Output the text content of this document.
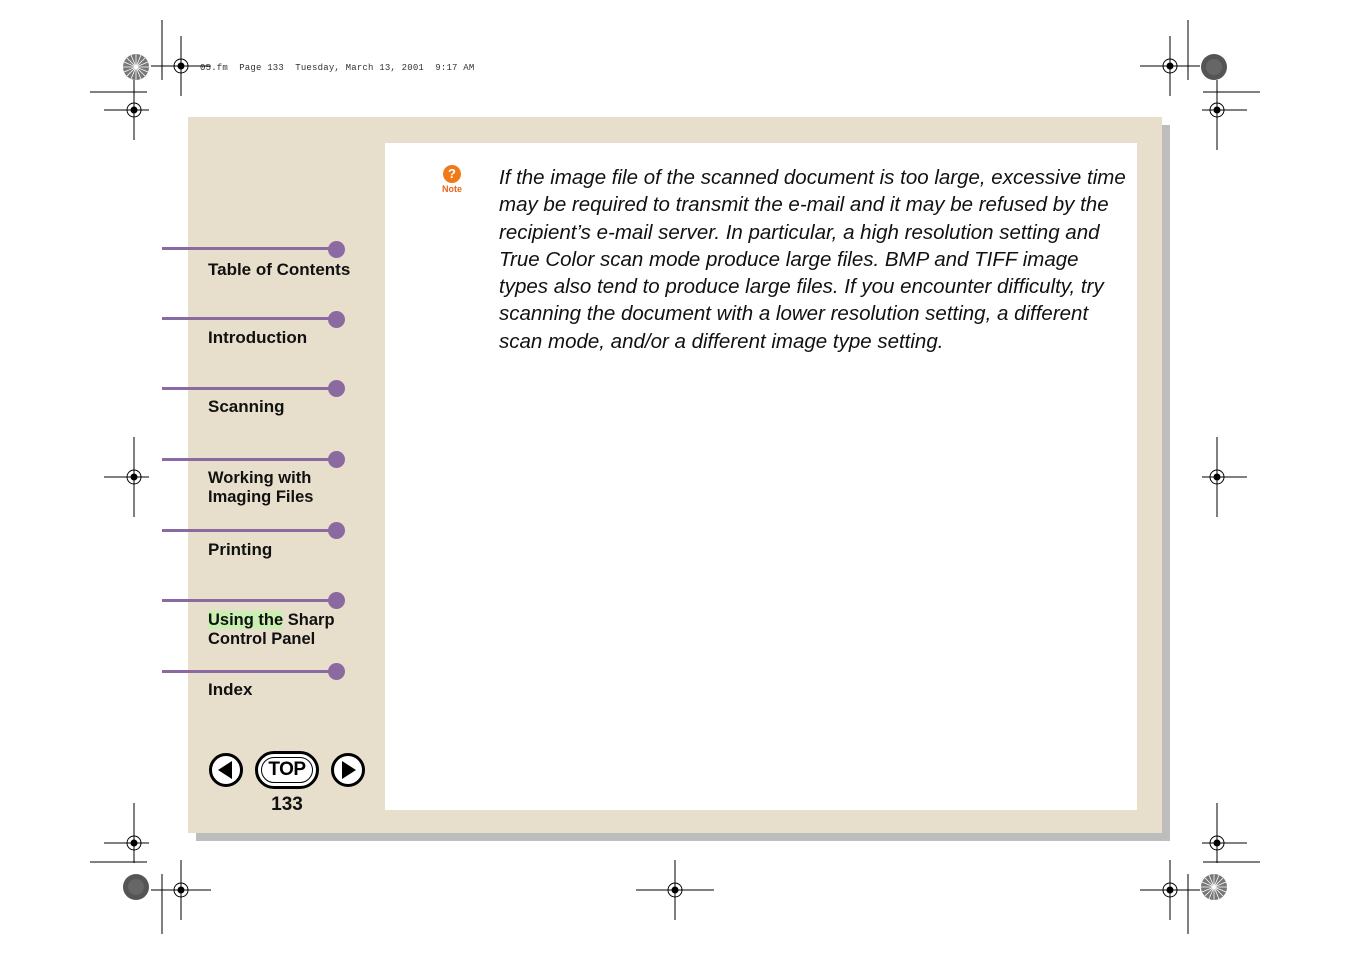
05.fm  Page 133  Tuesday, March 13, 2001  9:17 AM
?
Note If the image file of the scanned document is too large, excessive time may be required to transmit the e-mail and it may be refused by the recipient’s e-mail server. In particular, a high resolution setting and True Color scan mode produce large files. BMP and TIFF image types also tend to produce large files. If you encounter difficulty, try scanning the document with a lower resolution setting, a different scan mode, and/or a different image type setting.
Table of Contents
Introduction
Scanning
Working with
Imaging Files
Printing
Using the Sharp
Control Panel
Index
TOP
133
